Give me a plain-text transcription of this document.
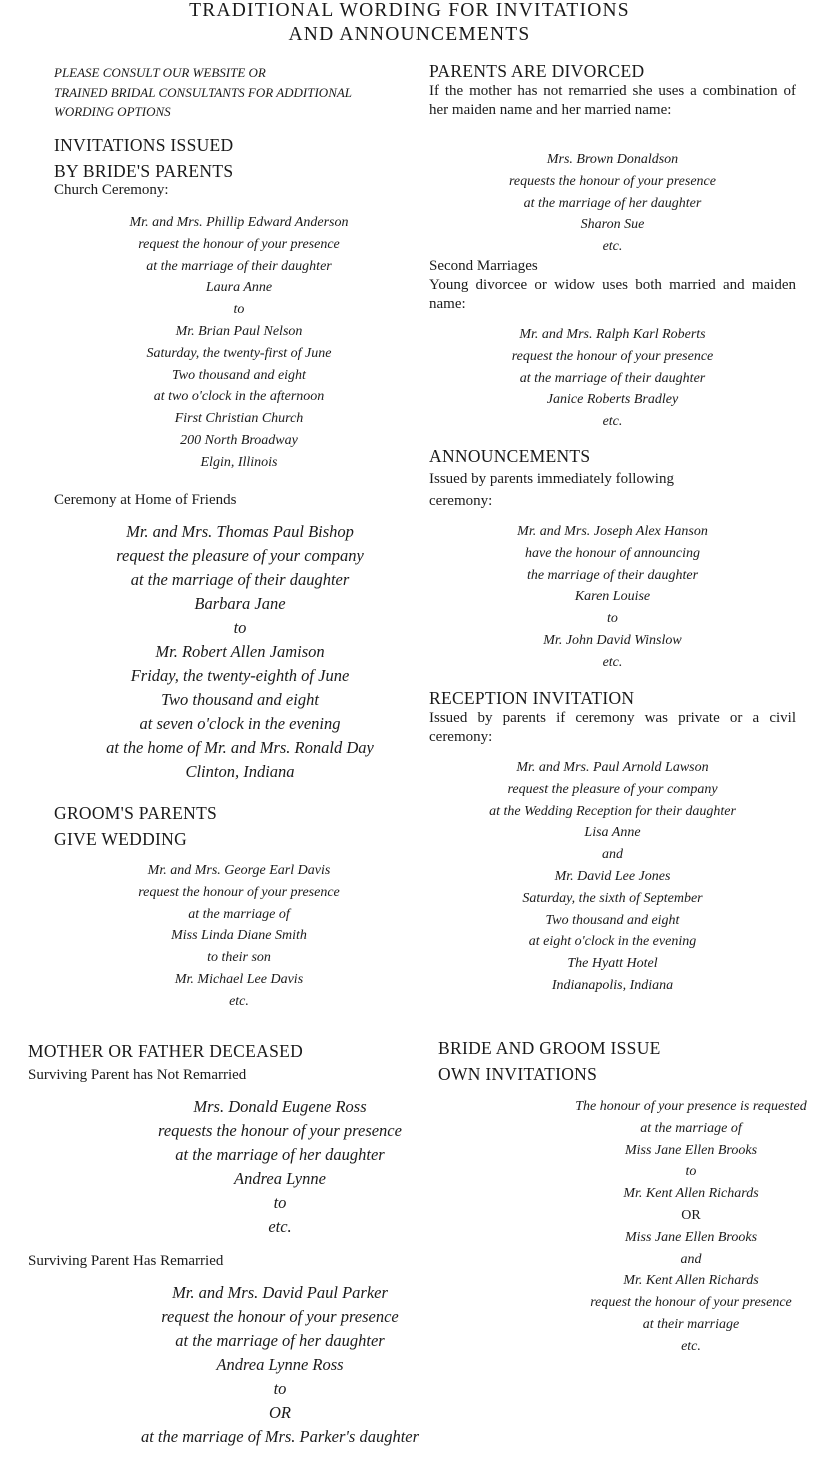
TRADITIONAL WORDING FOR INVITATIONS
AND ANNOUNCEMENTS
PLEASE CONSULT OUR WEBSITE OR
TRAINED BRIDAL CONSULTANTS FOR ADDITIONAL
WORDING OPTIONS
INVITATIONS ISSUED
BY BRIDE'S PARENTS
Church Ceremony:
Mr. and Mrs. Phillip Edward Anderson
request the honour of your presence
at the marriage of their daughter
Laura Anne
to
Mr. Brian Paul Nelson
Saturday, the twenty-first of June
Two thousand and eight
at two o'clock in the afternoon
First Christian Church
200 North Broadway
Elgin, Illinois
Ceremony at Home of Friends
Mr. and Mrs. Thomas Paul Bishop
request the pleasure of your company
at the marriage of their daughter
Barbara Jane
to
Mr. Robert Allen Jamison
Friday, the twenty-eighth of June
Two thousand and eight
at seven o'clock in the evening
at the home of Mr. and Mrs. Ronald Day
Clinton, Indiana
GROOM'S PARENTS
GIVE WEDDING
Mr. and Mrs. George Earl Davis
request the honour of your presence
at the marriage of
Miss Linda Diane Smith
to their son
Mr. Michael Lee Davis
etc.
PARENTS ARE DIVORCED
If the mother has not remarried she uses a combination of her maiden name and her married name:
Mrs. Brown Donaldson
requests the honour of your presence
at the marriage of her daughter
Sharon Sue
etc.
Second Marriages
Young divorcee or widow uses both married and maiden name:
Mr. and Mrs. Ralph Karl Roberts
request the honour of your presence
at the marriage of their daughter
Janice Roberts Bradley
etc.
ANNOUNCEMENTS
Issued by parents immediately following
ceremony:
Mr. and Mrs. Joseph Alex Hanson
have the honour of announcing
the marriage of their daughter
Karen Louise
to
Mr. John David Winslow
etc.
RECEPTION INVITATION
Issued by parents if ceremony was private or a civil ceremony:
Mr. and Mrs. Paul Arnold Lawson
request the pleasure of your company
at the Wedding Reception for their daughter
Lisa Anne
and
Mr. David Lee Jones
Saturday, the sixth of September
Two thousand and eight
at eight o'clock in the evening
The Hyatt Hotel
Indianapolis, Indiana
MOTHER OR FATHER DECEASED
Surviving Parent has Not Remarried
Mrs. Donald Eugene Ross
requests the honour of your presence
at the marriage of her daughter
Andrea Lynne
to
etc.
Surviving Parent Has Remarried
Mr. and Mrs. David Paul Parker
request the honour of your presence
at the marriage of her daughter
Andrea Lynne Ross
to
OR
at the marriage of Mrs. Parker's daughter
BRIDE AND GROOM ISSUE
OWN INVITATIONS
The honour of your presence is requested
at the marriage of
Miss Jane Ellen Brooks
to
Mr. Kent Allen Richards
OR
Miss Jane Ellen Brooks
and
Mr. Kent Allen Richards
request the honour of your presence
at their marriage
etc.
